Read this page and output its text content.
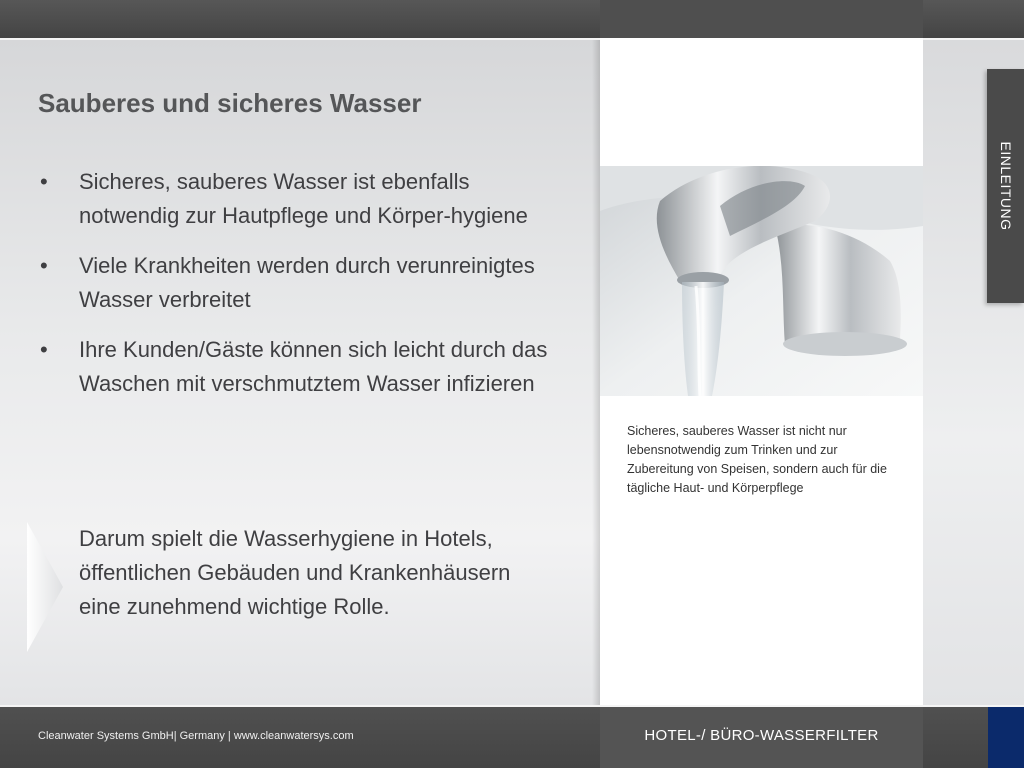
Sicheres, sauberes Wasser ist nicht nur lebensnotwendig zum Trinken und zur Zubereitung von Speisen, sondern auch für die tägliche Haut- und Körperpflege
EINLEITUNG
Sauberes und sicheres Wasser
• Sicheres, sauberes Wasser ist ebenfalls notwendig zur Hautpflege und Körper-hygiene
• Viele Krankheiten werden durch verunreinigtes Wasser verbreitet
• Ihre Kunden/Gäste können sich leicht durch das Waschen mit verschmutztem Wasser infizieren

Darum spielt die Wasserhygiene in Hotels, öffentlichen Gebäuden und Krankenhäusern eine zunehmend wichtige Rolle.

Cleanwater Systems GmbH| Germany | www.cleanwatersys.com	HOTEL-/ BÜRO-WASSERFILTER
